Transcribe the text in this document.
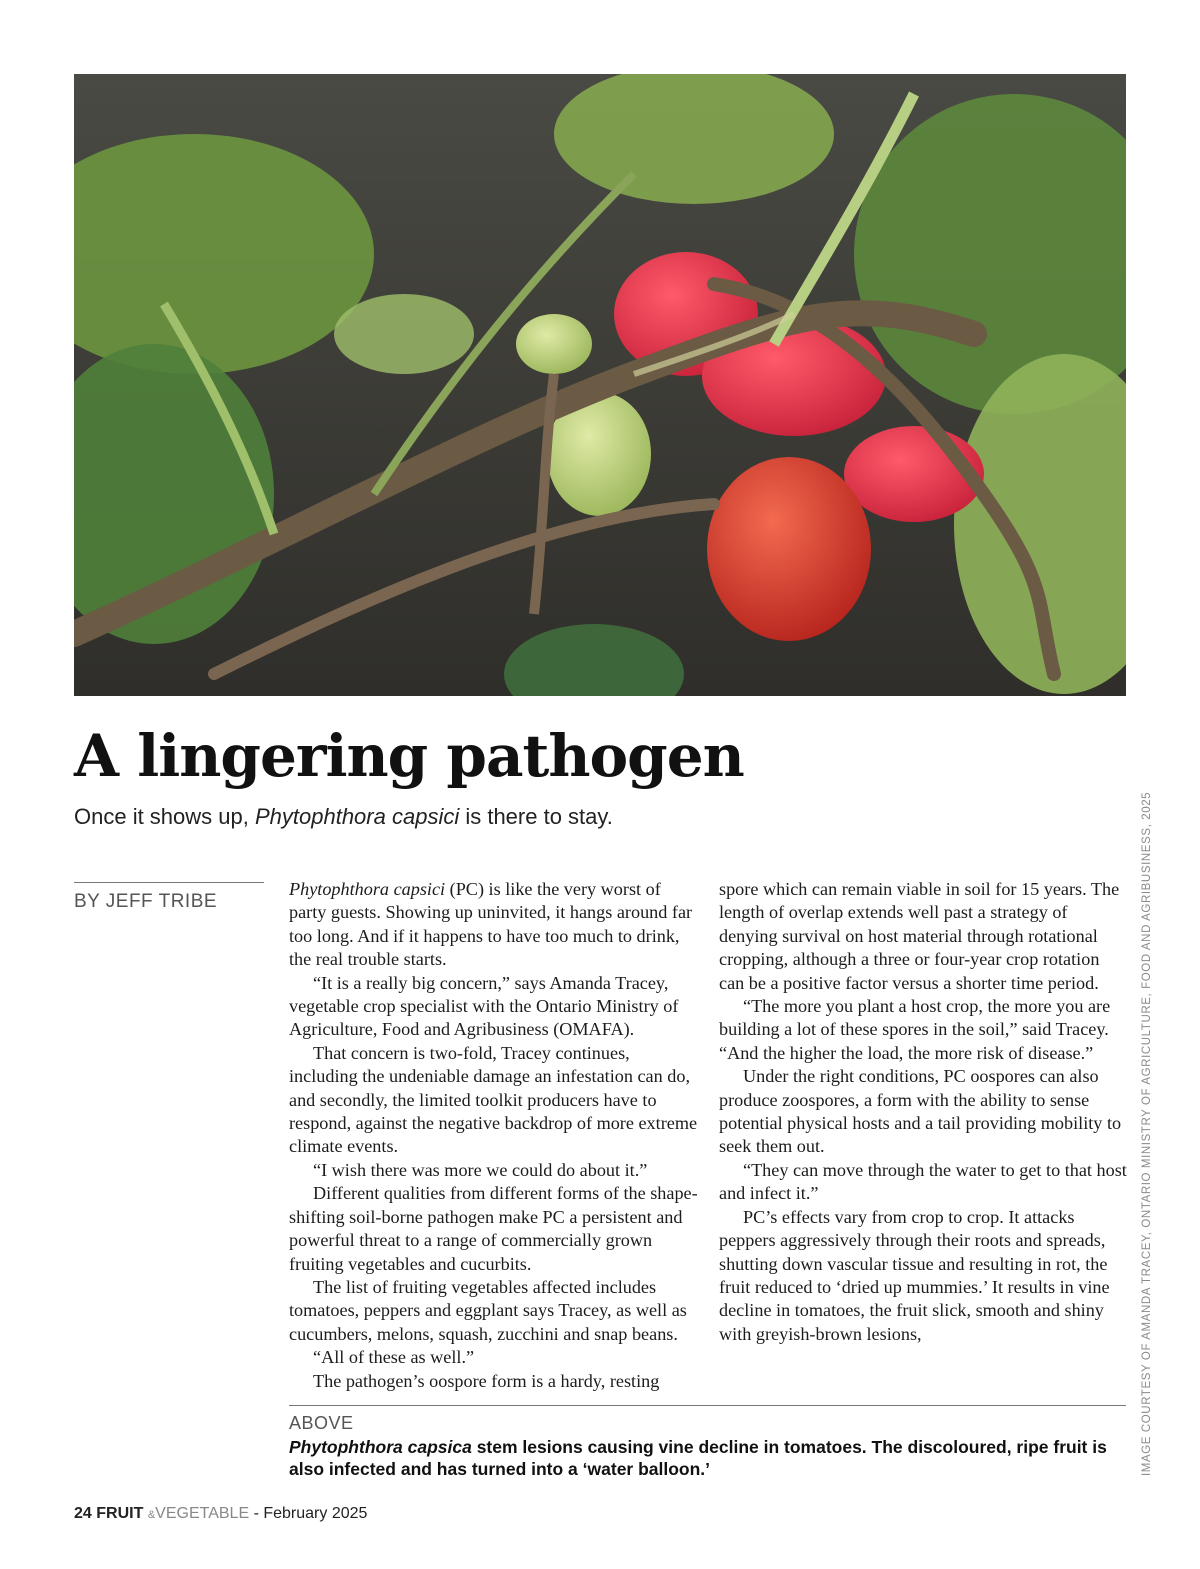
A lingering pathogen

Once it shows up, Phytophthora capsici is there to stay.

BY JEFF TRIBE

Phytophthora capsici (PC) is like the very worst of party guests. Showing up uninvited, it hangs around far too long. And if it happens to have too much to drink, the real trouble starts.

“It is a really big concern,” says Amanda Tracey, vegetable crop specialist with the Ontario Ministry of Agriculture, Food and Agribusiness (OMAFA).

That concern is two-fold, Tracey continues, including the undeniable damage an infestation can do, and secondly, the limited toolkit producers have to respond, against the negative backdrop of more extreme climate events.

“I wish there was more we could do about it.”

Different qualities from different forms of the shape-shifting soil-borne pathogen make PC a persistent and powerful threat to a range of commercially grown fruiting vegetables and cucurbits.

The list of fruiting vegetables affected includes tomatoes, peppers and eggplant says Tracey, as well as cucumbers, melons, squash, zucchini and snap beans.

“All of these as well.”

The pathogen’s oospore form is a hardy, resting

spore which can remain viable in soil for 15 years. The length of overlap extends well past a strategy of denying survival on host material through rotational cropping, although a three or four-year crop rotation can be a positive factor versus a shorter time period.

“The more you plant a host crop, the more you are building a lot of these spores in the soil,” said Tracey. “And the higher the load, the more risk of disease.”

Under the right conditions, PC oospores can also produce zoospores, a form with the ability to sense potential physical hosts and a tail providing mobility to seek them out.

“They can move through the water to get to that host and infect it.”

PC’s effects vary from crop to crop. It attacks peppers aggressively through their roots and spreads, shutting down vascular tissue and resulting in rot, the fruit reduced to ‘dried up mummies.’ It results in vine decline in tomatoes, the fruit slick, smooth and shiny with greyish-brown lesions,

ABOVE

Phytophthora capsica stem lesions causing vine decline in tomatoes. The discoloured, ripe fruit is also infected and has turned into a ‘water balloon.’	IMAGE COURTESY OF AMANDA TRACEY, ONTARIO MINISTRY OF AGRICULTURE, FOOD AND AGRIBUSINESS, 2025
24 FRUIT &VEGETABLE - February 2025
